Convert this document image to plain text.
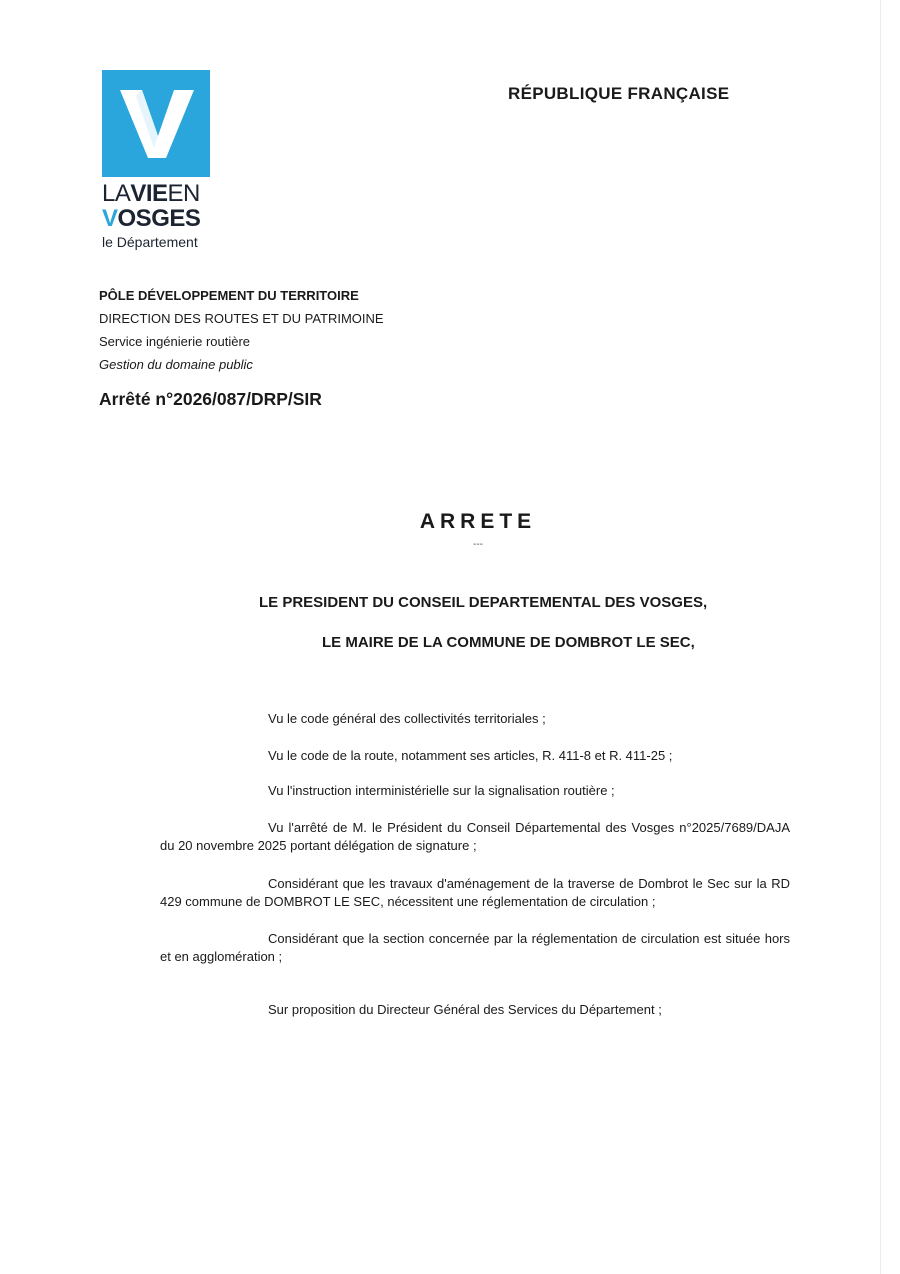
LAVIEEN
VOSGES
le Département
RÉPUBLIQUE FRANÇAISE
PÔLE DÉVELOPPEMENT DU TERRITOIRE
DIRECTION DES ROUTES ET DU PATRIMOINE
Service ingénierie routière
Gestion du domaine public
Arrêté n°2026/087/DRP/SIR
ARRETE
---
LE PRESIDENT DU CONSEIL DEPARTEMENTAL DES VOSGES,
LE MAIRE DE LA COMMUNE DE DOMBROT LE SEC,
Vu le code général des collectivités territoriales ;
Vu le code de la route, notamment ses articles, R. 411-8 et R. 411-25 ;
Vu l'instruction interministérielle sur la signalisation routière ;
Vu l'arrêté de M. le Président du Conseil Départemental des Vosges n°2025/7689/DAJA du 20 novembre 2025 portant délégation de signature ;
Considérant que les travaux d'aménagement de la traverse de Dombrot le Sec sur la RD 429 commune de DOMBROT LE SEC, nécessitent une réglementation de circulation ;
Considérant que la section concernée par la réglementation de circulation est située hors et en agglomération ;
Sur proposition du Directeur Général des Services du Département ;
